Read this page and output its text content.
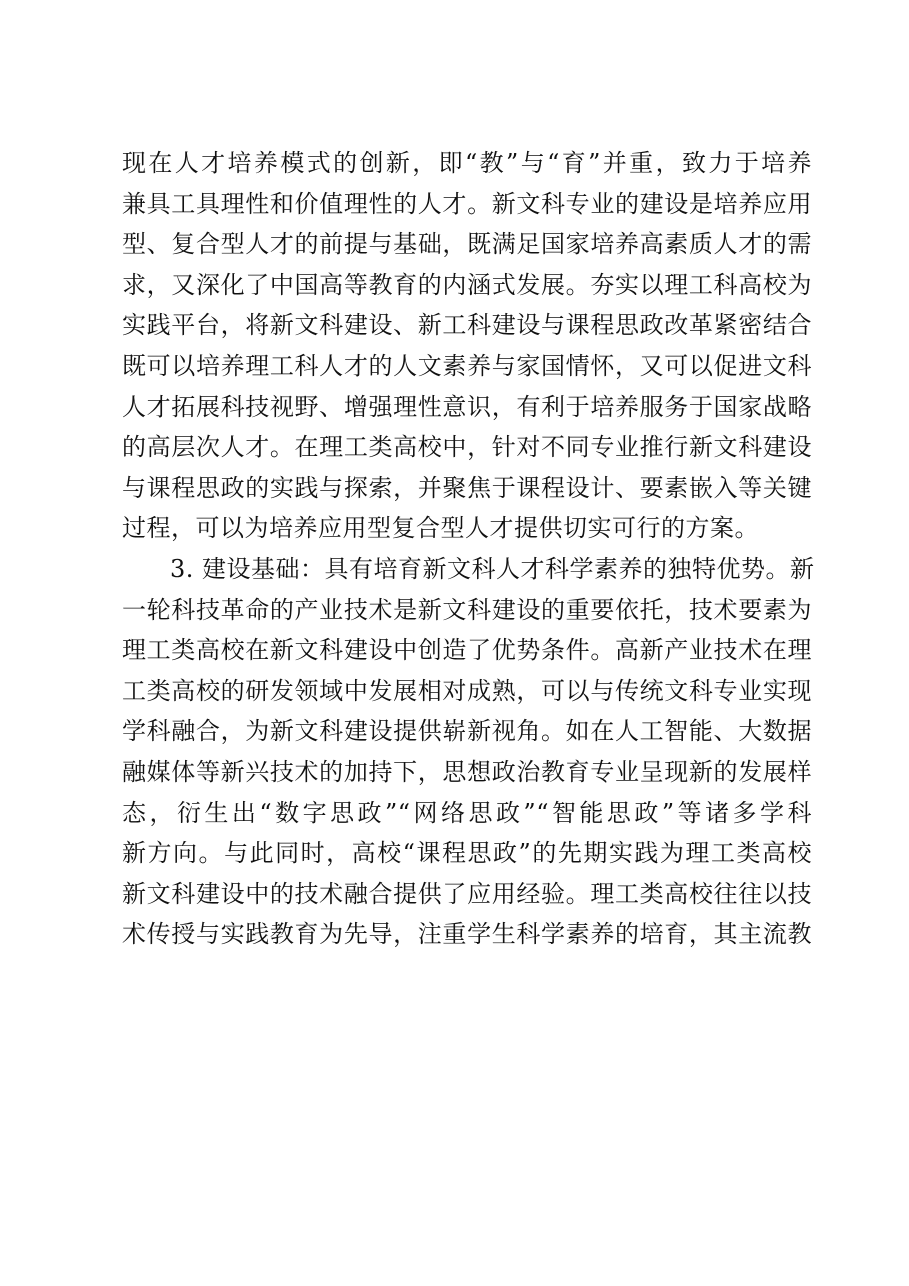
现在人才培养模式的创新，即“教”与“育”并重，致力于培养
兼具工具理性和价值理性的人才。新文科专业的建设是培养应用
型、复合型人才的前提与基础，既满足国家培养高素质人才的需
求，又深化了中国高等教育的内涵式发展。夯实以理工科高校为
实践平台，将新文科建设、新工科建设与课程思政改革紧密结合
既可以培养理工科人才的人文素养与家国情怀，又可以促进文科
人才拓展科技视野、增强理性意识，有利于培养服务于国家战略
的高层次人才。在理工类高校中，针对不同专业推行新文科建设
与课程思政的实践与探索，并聚焦于课程设计、要素嵌入等关键
过程，可以为培养应用型复合型人才提供切实可行的方案。
3. 建设基础：具有培育新文科人才科学素养的独特优势。新
一轮科技革命的产业技术是新文科建设的重要依托，技术要素为
理工类高校在新文科建设中创造了优势条件。高新产业技术在理
工类高校的研发领域中发展相对成熟，可以与传统文科专业实现
学科融合，为新文科建设提供崭新视角。如在人工智能、大数据
融媒体等新兴技术的加持下，思想政治教育专业呈现新的发展样
态，衍生出“数字思政”“网络思政”“智能思政”等诸多学科
新方向。与此同时，高校“课程思政”的先期实践为理工类高校
新文科建设中的技术融合提供了应用经验。理工类高校往往以技
术传授与实践教育为先导，注重学生科学素养的培育，其主流教
